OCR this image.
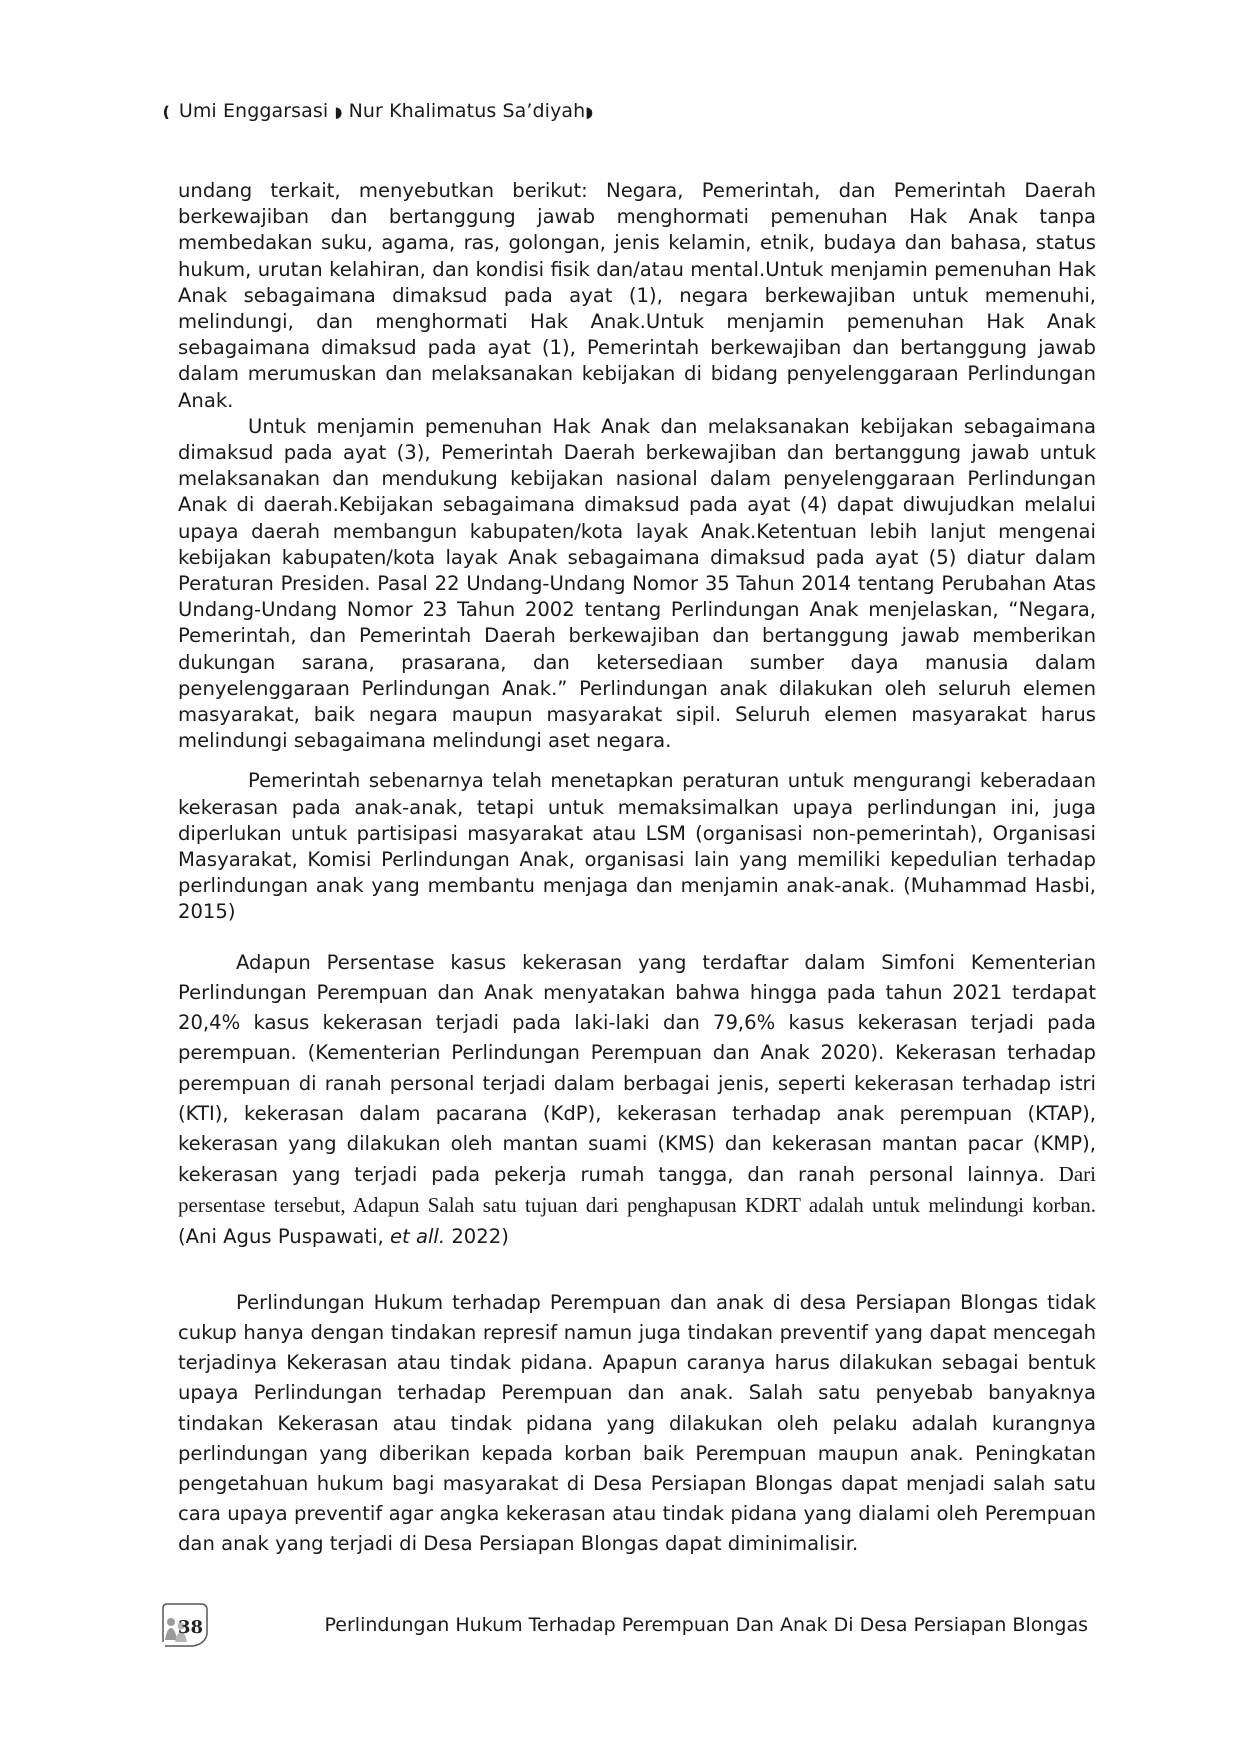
❪ Umi Enggarsasi ◗ Nur Khalimatus Sa’diyah◗

undang terkait, menyebutkan berikut: Negara, Pemerintah, dan Pemerintah Daerah berkewajiban dan bertanggung jawab menghormati pemenuhan Hak Anak tanpa membedakan suku, agama, ras, golongan, jenis kelamin, etnik, budaya dan bahasa, status hukum, urutan kelahiran, dan kondisi fisik dan/atau mental.Untuk menjamin pemenuhan Hak Anak sebagaimana dimaksud pada ayat (1), negara berkewajiban untuk memenuhi, melindungi, dan menghormati Hak Anak.Untuk menjamin pemenuhan Hak Anak sebagaimana dimaksud pada ayat (1), Pemerintah berkewajiban dan bertanggung jawab dalam merumuskan dan melaksanakan kebijakan di bidang penyelenggaraan Perlindungan Anak.

Untuk menjamin pemenuhan Hak Anak dan melaksanakan kebijakan sebagaimana dimaksud pada ayat (3), Pemerintah Daerah berkewajiban dan bertanggung jawab untuk melaksanakan dan mendukung kebijakan nasional dalam penyelenggaraan Perlindungan Anak di daerah.Kebijakan sebagaimana dimaksud pada ayat (4) dapat diwujudkan melalui upaya daerah membangun kabupaten/kota layak Anak.Ketentuan lebih lanjut mengenai kebijakan kabupaten/kota layak Anak sebagaimana dimaksud pada ayat (5) diatur dalam Peraturan Presiden. Pasal 22 Undang-Undang Nomor 35 Tahun 2014 tentang Perubahan Atas Undang-Undang Nomor 23 Tahun 2002 tentang Perlindungan Anak menjelaskan, “Negara, Pemerintah, dan Pemerintah Daerah berkewajiban dan bertanggung jawab memberikan dukungan sarana, prasarana, dan ketersediaan sumber daya manusia dalam penyelenggaraan Perlindungan Anak.” Perlindungan anak dilakukan oleh seluruh elemen masyarakat, baik negara maupun masyarakat sipil. Seluruh elemen masyarakat harus melindungi sebagaimana melindungi aset negara.

Pemerintah sebenarnya telah menetapkan peraturan untuk mengurangi keberadaan kekerasan pada anak-anak, tetapi untuk memaksimalkan upaya perlindungan ini, juga diperlukan untuk partisipasi masyarakat atau LSM (organisasi non-pemerintah), Organisasi Masyarakat, Komisi Perlindungan Anak, organisasi lain yang memiliki kepedulian terhadap perlindungan anak yang membantu menjaga dan menjamin anak-anak. (Muhammad Hasbi, 2015)

Adapun Persentase kasus kekerasan yang terdaftar dalam Simfoni Kementerian Perlindungan Perempuan dan Anak menyatakan bahwa hingga pada tahun 2021 terdapat 20,4% kasus kekerasan terjadi pada laki-laki dan 79,6% kasus kekerasan terjadi pada perempuan. (Kementerian Perlindungan Perempuan dan Anak 2020). Kekerasan terhadap perempuan di ranah personal terjadi dalam berbagai jenis, seperti kekerasan terhadap istri (KTI), kekerasan dalam pacarana (KdP), kekerasan terhadap anak perempuan (KTAP), kekerasan yang dilakukan oleh mantan suami (KMS) dan kekerasan mantan pacar (KMP), kekerasan yang terjadi pada pekerja rumah tangga, dan ranah personal lainnya. Dari persentase tersebut, Adapun Salah satu tujuan dari penghapusan KDRT adalah untuk melindungi korban. (Ani Agus Puspawati, et all. 2022)

Perlindungan Hukum terhadap Perempuan dan anak di desa Persiapan Blongas tidak cukup hanya dengan tindakan represif namun juga tindakan preventif yang dapat mencegah terjadinya Kekerasan atau tindak pidana. Apapun caranya harus dilakukan sebagai bentuk upaya Perlindungan terhadap Perempuan dan anak. Salah satu penyebab banyaknya tindakan Kekerasan atau tindak pidana yang dilakukan oleh pelaku adalah kurangnya perlindungan yang diberikan kepada korban baik Perempuan maupun anak. Peningkatan pengetahuan hukum bagi masyarakat di Desa Persiapan Blongas dapat menjadi salah satu cara upaya preventif agar angka kekerasan atau tindak pidana yang dialami oleh Perempuan dan anak yang terjadi di Desa Persiapan Blongas dapat diminimalisir.

38	Perlindungan Hukum Terhadap Perempuan Dan Anak Di Desa Persiapan Blongas
